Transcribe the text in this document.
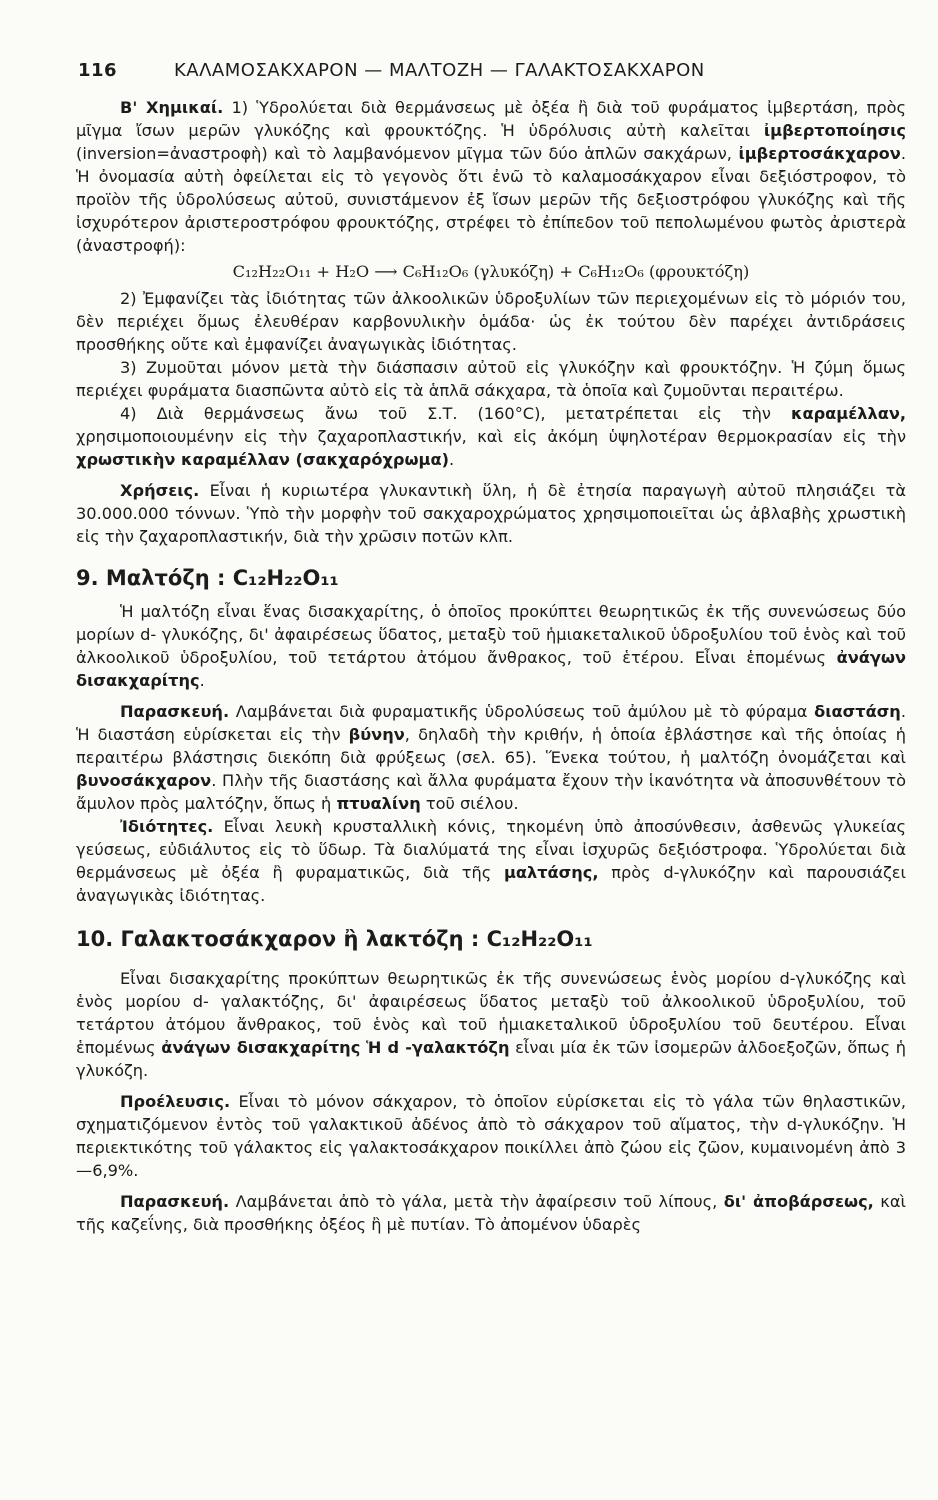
116	ΚΑΛΑΜΟΣΑΚΧΑΡΟΝ — ΜΑΛΤΟΖΗ — ΓΑΛΑΚΤΟΣΑΚΧΑΡΟΝ

Β' Χημικαί. 1) Ὑδρολύεται διὰ θερμάνσεως μὲ ὀξέα ἢ διὰ τοῦ φυράματος ἰμβερτάση, πρὸς μῖγμα ἴσων μερῶν γλυκόζης καὶ φρουκτόζης. Ἡ ὑδρόλυσις αὐτὴ καλεῖται ἰμβερτοποίησις (inversion=ἀναστροφὴ) καὶ τὸ λαμβανόμενον μῖγμα τῶν δύο ἁπλῶν σακχάρων, ἰμβερτοσάκχαρον. Ἡ ὀνομασία αὐτὴ ὀφείλεται εἰς τὸ γεγονὸς ὅτι ἐνῶ τὸ καλαμοσάκχαρον εἶναι δεξιόστροφον, τὸ προϊὸν τῆς ὑδρολύσεως αὐτοῦ, συνιστάμενον ἐξ ἴσων μερῶν τῆς δεξιοστρόφου γλυκόζης καὶ τῆς ἰσχυρότερον ἀριστεροστρόφου φρουκτόζης, στρέφει τὸ ἐπίπεδον τοῦ πεπολωμένου φωτὸς ἀριστερὰ (ἀναστροφή):

C₁₂H₂₂O₁₁ + H₂O ⟶ C₆H₁₂O₆ (γλυκόζη) + C₆H₁₂O₆ (φρουκτόζη)

2) Ἐμφανίζει τὰς ἰδιότητας τῶν ἀλκοολικῶν ὑδροξυλίων τῶν περιεχομένων εἰς τὸ μόριόν του, δὲν περιέχει ὅμως ἐλευθέραν καρβονυλικὴν ὁμάδα· ὡς ἐκ τούτου δὲν παρέχει ἀντιδράσεις προσθήκης οὔτε καὶ ἐμφανίζει ἀναγωγικὰς ἰδιότητας.

3) Ζυμοῦται μόνον μετὰ τὴν διάσπασιν αὐτοῦ εἰς γλυκόζην καὶ φρουκτόζην. Ἡ ζύμη ὅμως περιέχει φυράματα διασπῶντα αὐτὸ εἰς τὰ ἁπλᾶ σάκχαρα, τὰ ὁποῖα καὶ ζυμοῦνται περαιτέρω.

4) Διὰ θερμάνσεως ἄνω τοῦ Σ.Τ. (160°C), μετατρέπεται εἰς τὴν καραμέλλαν, χρησιμοποιουμένην εἰς τὴν ζαχαροπλαστικήν, καὶ εἰς ἀκόμη ὑψηλοτέραν θερμοκρασίαν εἰς τὴν χρωστικὴν καραμέλλαν (σακχαρόχρωμα).

Χρήσεις. Εἶναι ἡ κυριωτέρα γλυκαντικὴ ὕλη, ἡ δὲ ἐτησία παραγωγὴ αὐτοῦ πλησιάζει τὰ 30.000.000 τόννων. Ὑπὸ τὴν μορφὴν τοῦ σακχαροχρώματος χρησιμοποιεῖται ὡς ἀβλαβὴς χρωστικὴ εἰς τὴν ζαχαροπλαστικήν, διὰ τὴν χρῶσιν ποτῶν κλπ.

9. Μαλτόζη : C₁₂H₂₂O₁₁

Ἡ μαλτόζη εἶναι ἕνας δισακχαρίτης, ὁ ὁποῖος προκύπτει θεωρητικῶς ἐκ τῆς συνενώσεως δύο μορίων d- γλυκόζης, δι' ἀφαιρέσεως ὕδατος, μεταξὺ τοῦ ἡμιακεταλικοῦ ὑδροξυλίου τοῦ ἑνὸς καὶ τοῦ ἀλκοολικοῦ ὑδροξυλίου, τοῦ τετάρτου ἀτόμου ἄνθρακος, τοῦ ἑτέρου. Εἶναι ἑπομένως ἀνάγων δισακχαρίτης.

Παρασκευή. Λαμβάνεται διὰ φυραματικῆς ὑδρολύσεως τοῦ ἀμύλου μὲ τὸ φύραμα διαστάση. Ἡ διαστάση εὑρίσκεται εἰς τὴν βύνην, δηλαδὴ τὴν κριθήν, ἡ ὁποία ἐβλάστησε καὶ τῆς ὁποίας ἡ περαιτέρω βλάστησις διεκόπη διὰ φρύξεως (σελ. 65). Ἕνεκα τούτου, ἡ μαλτόζη ὀνομάζεται καὶ βυνοσάκχαρον. Πλὴν τῆς διαστάσης καὶ ἄλλα φυράματα ἔχουν τὴν ἱκανότητα νὰ ἀποσυνθέτουν τὸ ἄμυλον πρὸς μαλτόζην, ὅπως ἡ πτυαλίνη τοῦ σιέλου.

Ἰδιότητες. Εἶναι λευκὴ κρυσταλλικὴ κόνις, τηκομένη ὑπὸ ἀποσύνθεσιν, ἀσθενῶς γλυκείας γεύσεως, εὐδιάλυτος εἰς τὸ ὕδωρ. Τὰ διαλύματά της εἶναι ἰσχυρῶς δεξιόστροφα. Ὑδρολύεται διὰ θερμάνσεως μὲ ὀξέα ἢ φυραματικῶς, διὰ τῆς μαλτάσης, πρὸς d-γλυκόζην καὶ παρουσιάζει ἀναγωγικὰς ἰδιότητας.

10. Γαλακτοσάκχαρον ἢ λακτόζη : C₁₂H₂₂O₁₁

Εἶναι δισακχαρίτης προκύπτων θεωρητικῶς ἐκ τῆς συνενώσεως ἑνὸς μορίου d-γλυκόζης καὶ ἑνὸς μορίου d- γαλακτόζης, δι' ἀφαιρέσεως ὕδατος μεταξὺ τοῦ ἀλκοολικοῦ ὑδροξυλίου, τοῦ τετάρτου ἀτόμου ἄνθρακος, τοῦ ἑνὸς καὶ τοῦ ἡμιακεταλικοῦ ὑδροξυλίου τοῦ δευτέρου. Εἶναι ἑπομένως ἀνάγων δισακχαρίτης Ἡ d -γαλακτόζη εἶναι μία ἐκ τῶν ἰσομερῶν ἀλδοεξοζῶν, ὅπως ἡ γλυκόζη.

Προέλευσις. Εἶναι τὸ μόνον σάκχαρον, τὸ ὁποῖον εὑρίσκεται εἰς τὸ γάλα τῶν θηλαστικῶν, σχηματιζόμενον ἐντὸς τοῦ γαλακτικοῦ ἀδένος ἀπὸ τὸ σάκχαρον τοῦ αἵματος, τὴν d-γλυκόζην. Ἡ περιεκτικότης τοῦ γάλακτος εἰς γαλακτοσάκχαρον ποικίλλει ἀπὸ ζώου εἰς ζῶον, κυμαινομένη ἀπὸ 3—6,9%.

Παρασκευή. Λαμβάνεται ἀπὸ τὸ γάλα, μετὰ τὴν ἀφαίρεσιν τοῦ λίπους, δι' ἀποβάρσεως, καὶ τῆς καζεΐνης, διὰ προσθήκης ὀξέος ἢ μὲ πυτίαν. Τὸ ἀπομένον ὑδαρὲς
